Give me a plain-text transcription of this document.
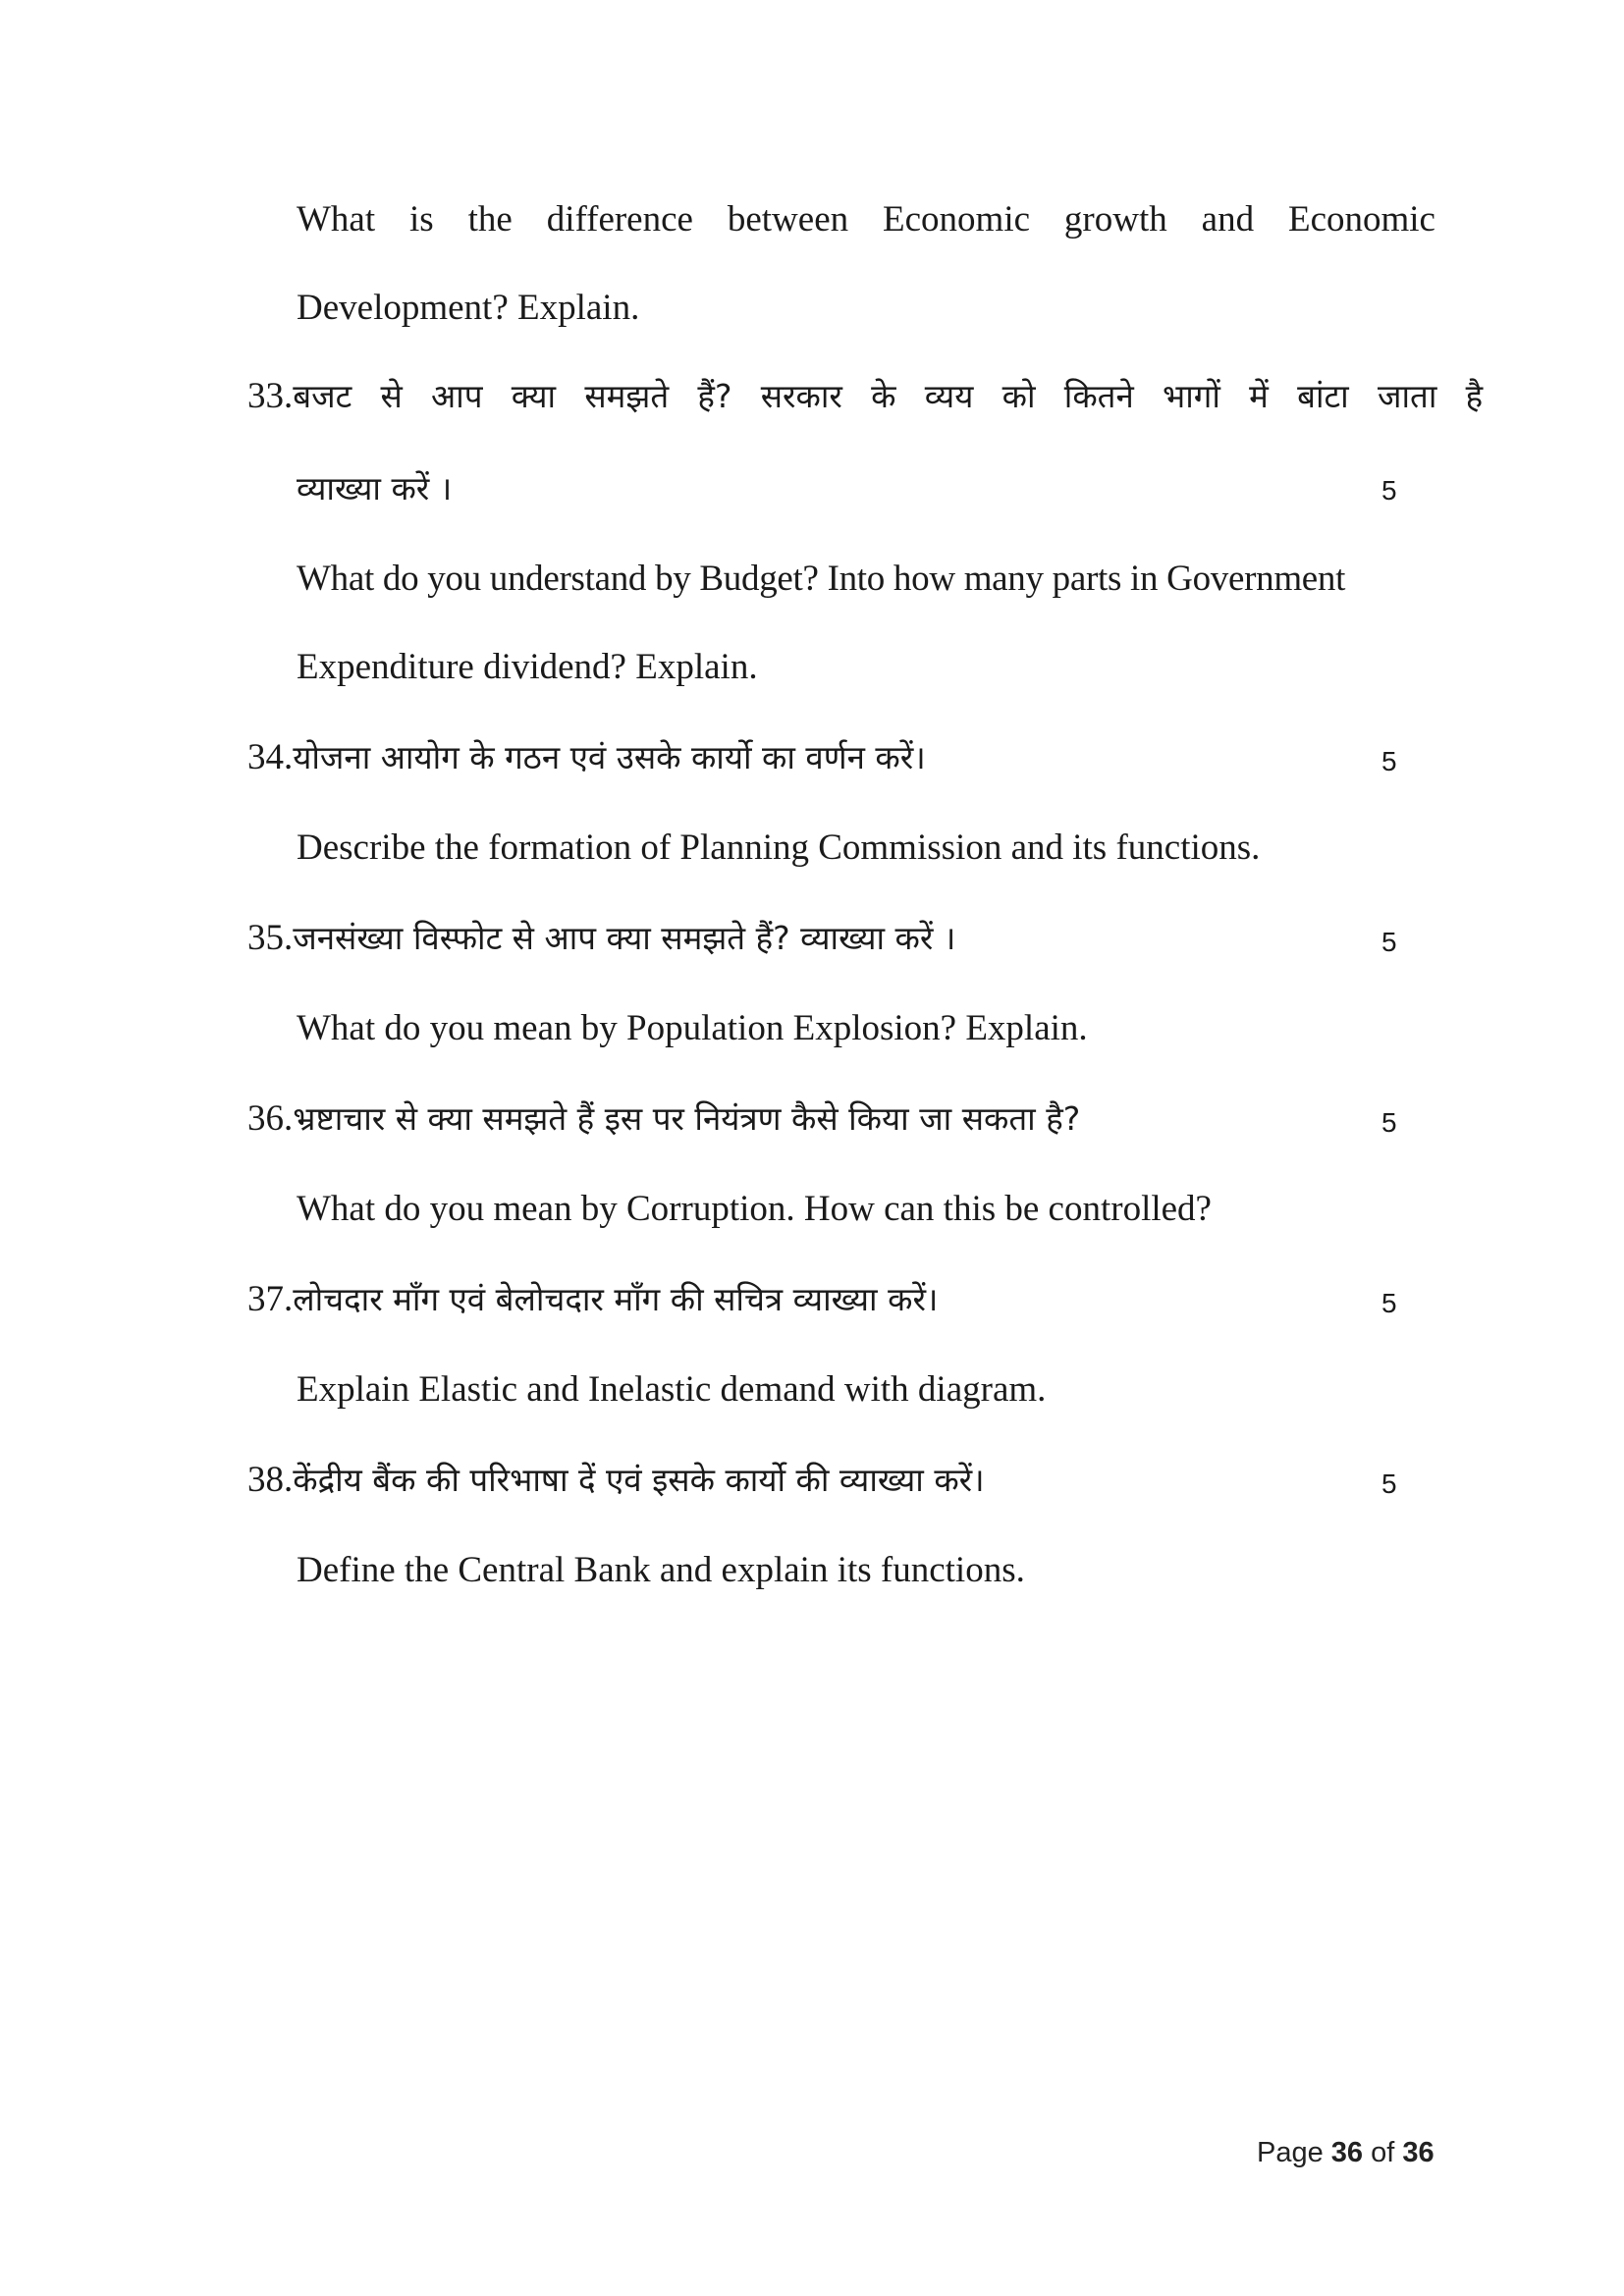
What is the difference between Economic growth and Economic
Development? Explain.
33. बजट से आप क्या समझते हैं? सरकार के व्यय को कितने भागों में बांटा जाता है
व्याख्या करें ।	5
What do you understand by Budget? Into how many parts in Government
Expenditure dividend? Explain.
34. योजना आयोग के गठन एवं उसके कार्यो का वर्णन करें।	5
Describe the formation of Planning Commission and its functions.
35. जनसंख्या विस्फोट से आप क्या समझते हैं? व्याख्या करें ।	5
What do you mean by Population Explosion? Explain.
36. भ्रष्टाचार से क्या समझते हैं इस पर नियंत्रण कैसे किया जा सकता है?	5
What do you mean by Corruption. How can this be controlled?
37. लोचदार माँग एवं बेलोचदार माँग की सचित्र व्याख्या करें।	5
Explain Elastic and Inelastic demand with diagram.
38. केंद्रीय बैंक की परिभाषा दें एवं इसके कार्यो की व्याख्या करें।	5
Define the Central Bank and explain its functions.
Page 36 of 36
